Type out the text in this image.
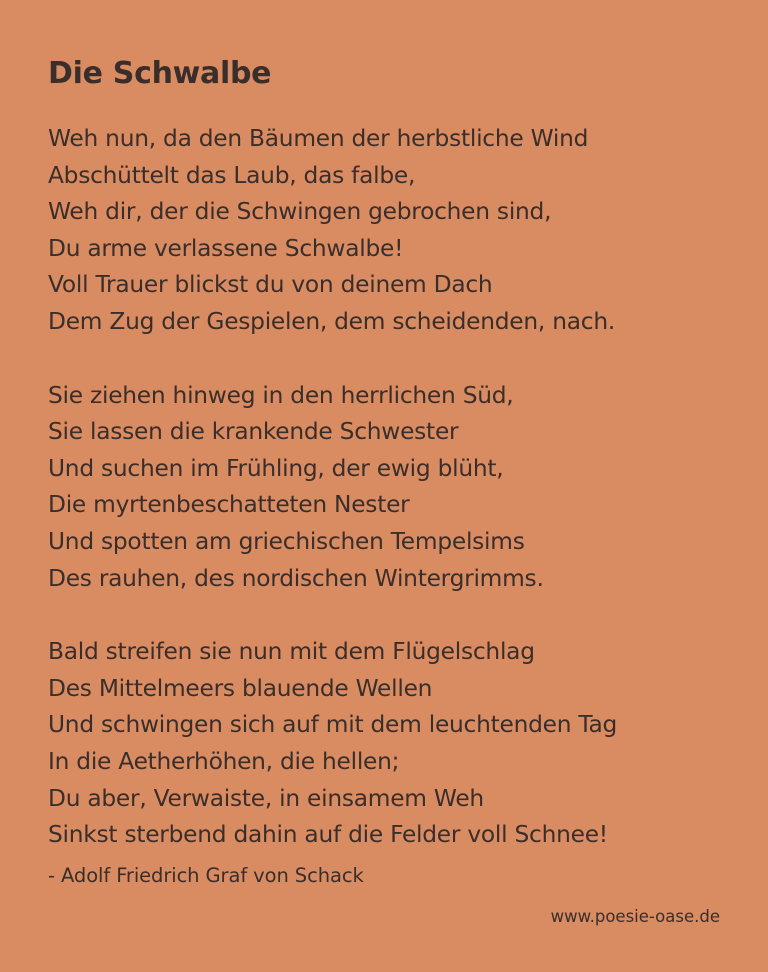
Die Schwalbe
Weh nun, da den Bäumen der herbstliche Wind
Abschüttelt das Laub, das falbe,
Weh dir, der die Schwingen gebrochen sind,
Du arme verlassene Schwalbe!
Voll Trauer blickst du von deinem Dach
Dem Zug der Gespielen, dem scheidenden, nach.
Sie ziehen hinweg in den herrlichen Süd,
Sie lassen die krankende Schwester
Und suchen im Frühling, der ewig blüht,
Die myrtenbeschatteten Nester
Und spotten am griechischen Tempelsims
Des rauhen, des nordischen Wintergrimms.
Bald streifen sie nun mit dem Flügelschlag
Des Mittelmeers blauende Wellen
Und schwingen sich auf mit dem leuchtenden Tag
In die Aetherhöhen, die hellen;
Du aber, Verwaiste, in einsamem Weh
Sinkst sterbend dahin auf die Felder voll Schnee!
- Adolf Friedrich Graf von Schack
www.poesie-oase.de
